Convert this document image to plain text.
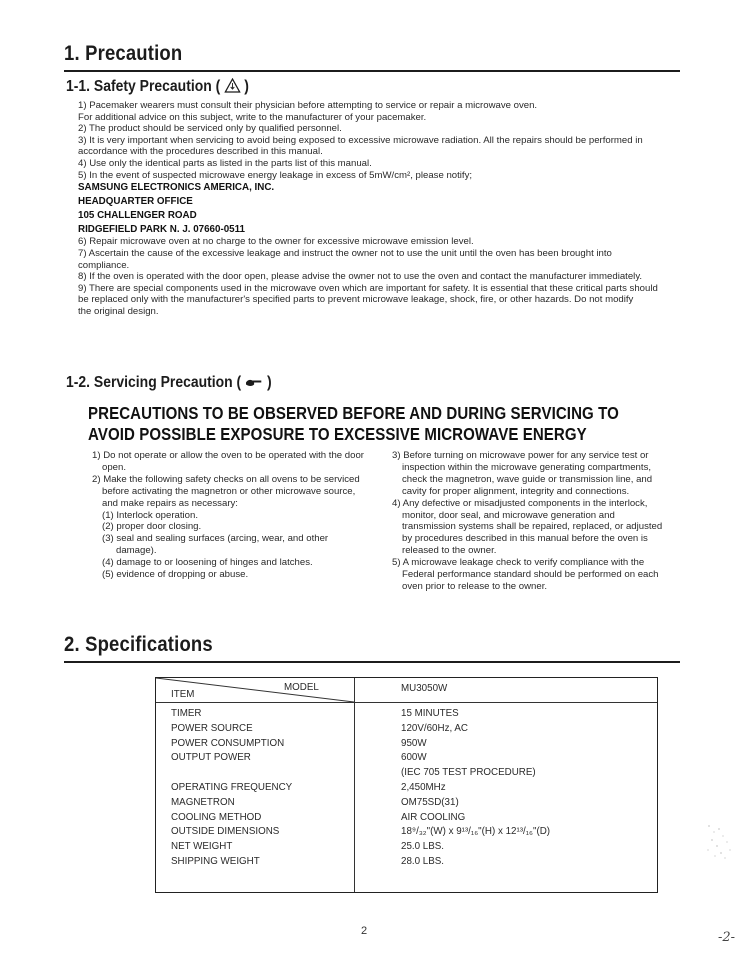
1. Precaution
1-1. Safety Precaution ( )
1) Pacemaker wearers must consult their physician before attempting to service or repair a microwave oven.
For additional advice on this subject, write to the manufacturer of your pacemaker.
2) The product should be serviced only by qualified personnel.
3) It is very important when servicing to avoid being exposed to excessive microwave radiation. All the repairs should be performed in
accordance with the procedures described in this manual.
4) Use only the identical parts as listed in the parts list of this manual.
5) In the event of suspected microwave energy leakage in excess of 5mW/cm², please notify;
SAMSUNG ELECTRONICS AMERICA, INC.
HEADQUARTER OFFICE
105 CHALLENGER ROAD
RIDGEFIELD PARK N. J. 07660-0511
6) Repair microwave oven at no charge to the owner for excessive microwave emission level.
7) Ascertain the cause of the excessive leakage and instruct the owner not to use the unit until the oven has been brought into
compliance.
8) If the oven is operated with the door open, please advise the owner not to use the oven and contact the manufacturer immediately.
9) There are special components used in the microwave oven which are important for safety. It is essential that these critical parts should
be replaced only with the manufacturer's specified parts to prevent microwave leakage, shock, fire, or other hazards. Do not modify
the original design.
1-2. Servicing Precaution ( )
PRECAUTIONS TO BE OBSERVED BEFORE AND DURING SERVICING TO
AVOID POSSIBLE EXPOSURE TO EXCESSIVE MICROWAVE ENERGY
1) Do not operate or allow the oven to be operated with the door
open.
2) Make the following safety checks on all ovens to be serviced
before activating the magnetron or other microwave source,
and make repairs as necessary:
(1) Interlock operation.
(2) proper door closing.
(3) seal and sealing surfaces (arcing, wear, and other
damage).
(4) damage to or loosening of hinges and latches.
(5) evidence of dropping or abuse.
3) Before turning on microwave power for any service test or
inspection within the microwave generating compartments,
check the magnetron, wave guide or transmission line, and
cavity for proper alignment, integrity and connections.
4) Any defective or misadjusted components in the interlock,
monitor, door seal, and microwave generation and
transmission systems shall be repaired, replaced, or adjusted
by procedures described in this manual before the oven is
released to the owner.
5) A microwave leakage check to verify compliance with the
Federal performance standard should be performed on each
oven prior to release to the owner.
2. Specifications
ITEM
MODEL	MU3050W
TIMER	15 MINUTES
POWER SOURCE	120V/60Hz, AC
POWER CONSUMPTION	950W
OUTPUT POWER	600W
(IEC 705 TEST PROCEDURE)
OPERATING FREQUENCY	2,450MHz
MAGNETRON	OM75SD(31)
COOLING METHOD	AIR COOLING
OUTSIDE DIMENSIONS	18⁹/₃₂"(W) x 9¹³/₁₆"(H) x 12¹³/₁₆"(D)
NET WEIGHT	25.0 LBS.
SHIPPING WEIGHT	28.0 LBS.
2	-2-
